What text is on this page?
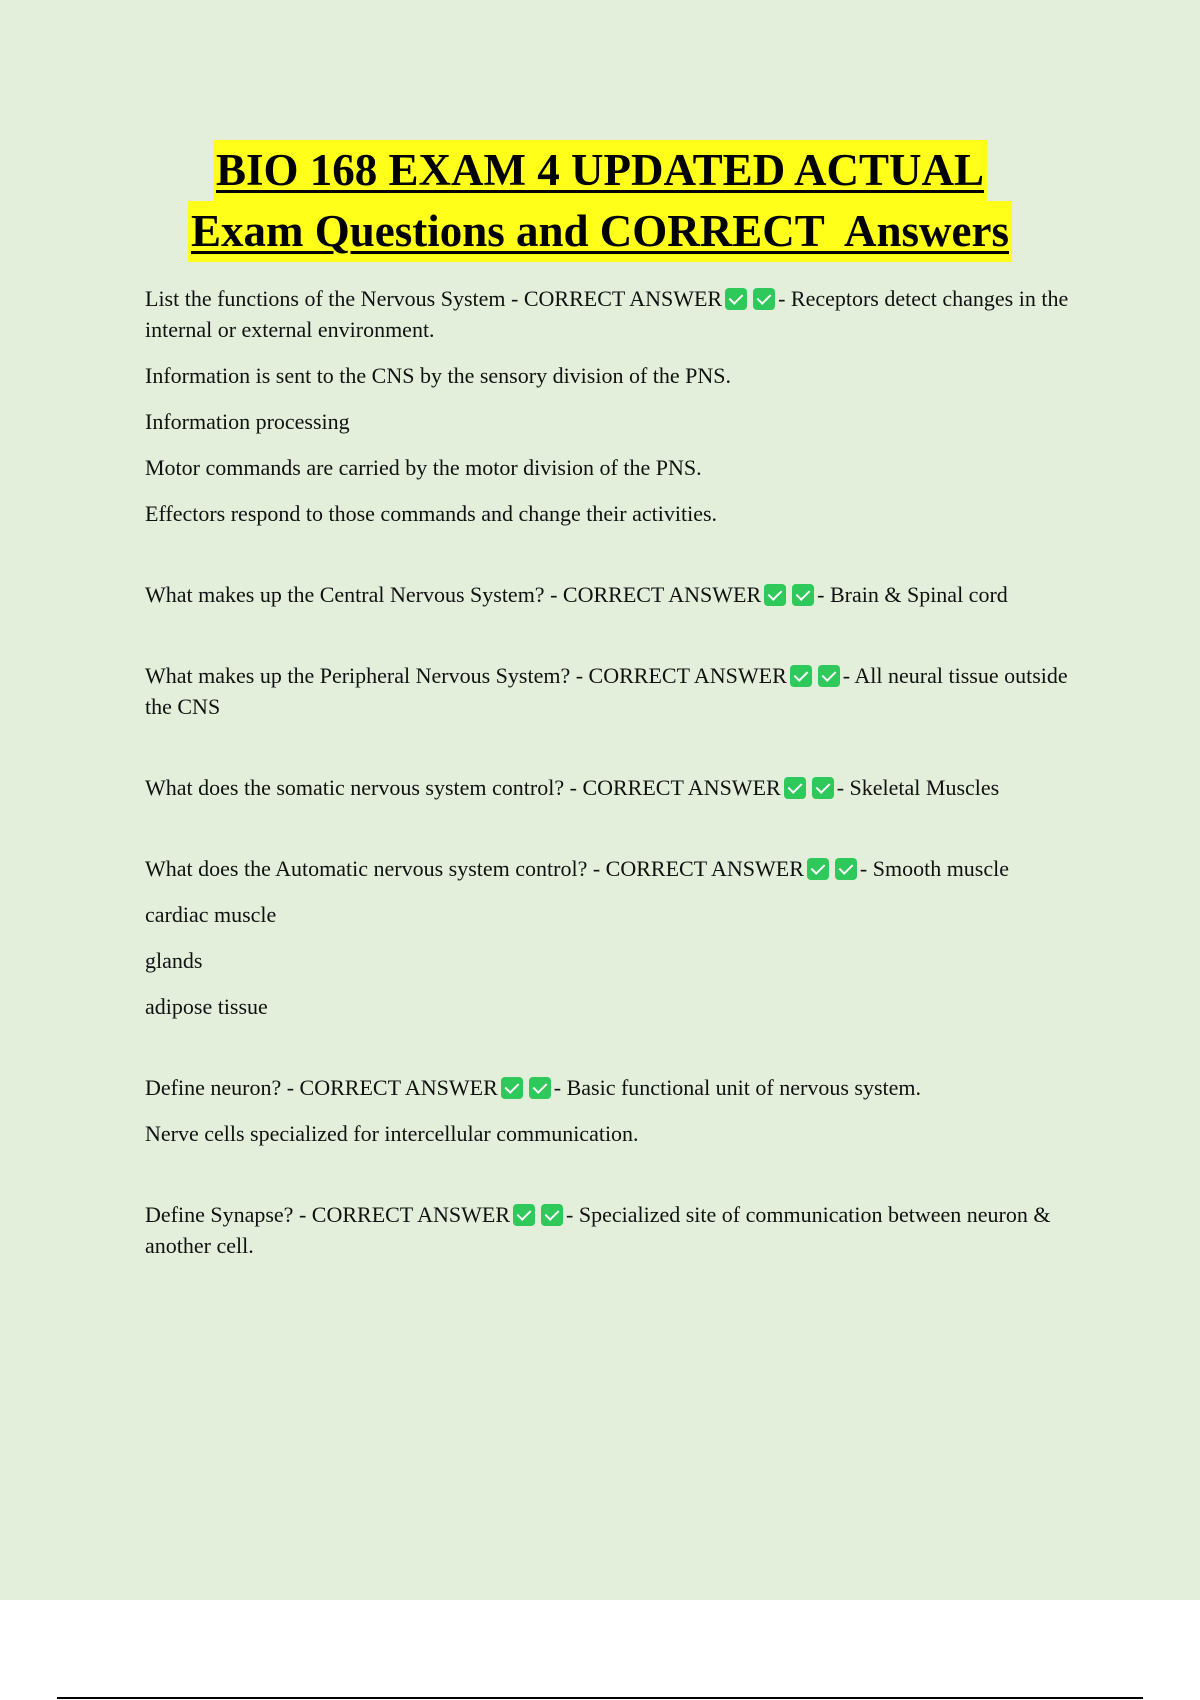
BIO 168 EXAM 4 UPDATED ACTUAL
Exam Questions and CORRECT  Answers

List the functions of the Nervous System - CORRECT ANSWER	- Receptors detect changes in the internal or external environment.

Information is sent to the CNS by the sensory division of the PNS.

Information processing

Motor commands are carried by the motor division of the PNS.

Effectors respond to those commands and change their activities.

What makes up the Central Nervous System? - CORRECT ANSWER	- Brain & Spinal cord

What makes up the Peripheral Nervous System? - CORRECT ANSWER	- All neural tissue outside the CNS

What does the somatic nervous system control? - CORRECT ANSWER	- Skeletal Muscles

What does the Automatic nervous system control? - CORRECT ANSWER	- Smooth muscle

cardiac muscle

glands

adipose tissue

Define neuron? - CORRECT ANSWER	- Basic functional unit of nervous system.

Nerve cells specialized for intercellular communication.

Define Synapse? - CORRECT ANSWER	- Specialized site of communication between neuron & another cell.
